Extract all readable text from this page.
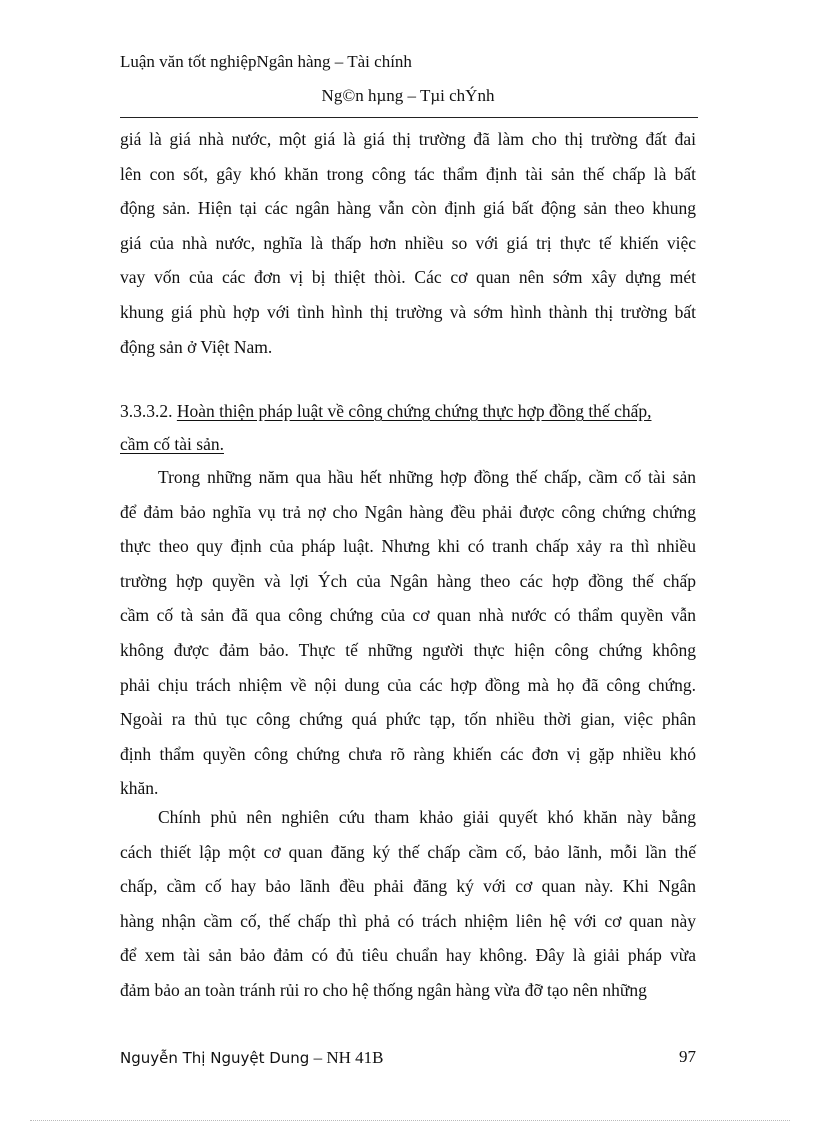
Luận văn tốt nghiệpNgân hàng – Tài chính
Ng©n hµng – Tµi chÝnh

giá là giá nhà nước, một giá là giá thị trường đã làm cho thị trường đất đai

lên con sốt, gây khó khăn trong công tác thẩm định tài sản thế chấp là bất

động sản. Hiện tại các ngân hàng vẫn còn định giá bất động sản theo khung

giá của nhà nước, nghĩa là thấp hơn nhiều so với giá trị thực tế khiến việc

vay vốn của các đơn vị bị thiệt thòi. Các cơ quan nên sớm xây dựng mét

khung giá phù hợp với tình hình thị trường và sớm hình thành thị trường bất

động sản ở Việt Nam.

3.3.3.2. Hoàn thiện pháp luật về công chứng chứng thực hợp đồng thế chấp,
cầm cố tài sản.

Trong những năm qua hầu hết những hợp đồng thế chấp, cầm cố tài sản

để đảm bảo nghĩa vụ trả nợ cho Ngân hàng đều phải được công chứng chứng

thực theo quy định của pháp luật. Nhưng khi có tranh chấp xảy ra thì nhiều

trường hợp quyền và lợi Ých của Ngân hàng theo các hợp đồng thế chấp

cầm cố tà sản đã qua công chứng của cơ quan nhà nước có thẩm quyền vẫn

không được đảm bảo. Thực tế những người thực hiện công chứng không

phải chịu trách nhiệm về nội dung của các hợp đồng mà họ đã công chứng.

Ngoài ra thủ tục công chứng quá phức tạp, tốn nhiều thời gian, việc phân

định thẩm quyền công chứng chưa rõ ràng khiến các đơn vị gặp nhiều khó

khăn.

Chính phủ nên nghiên cứu tham khảo giải quyết khó khăn này bằng

cách thiết lập một cơ quan đăng ký thế chấp cầm cố, bảo lãnh, mỗi lần thế

chấp, cầm cố hay bảo lãnh đều phải đăng ký với cơ quan này. Khi Ngân

hàng nhận cầm cố, thế chấp thì phả có trách nhiệm liên hệ với cơ quan này

để xem tài sản bảo đảm có đủ tiêu chuẩn hay không. Đây là giải pháp vừa

đảm bảo an toàn tránh rủi ro cho hệ thống ngân hàng vừa đỡ tạo nên những

Nguyễn Thị Nguyệt Dung – NH 41B	97
